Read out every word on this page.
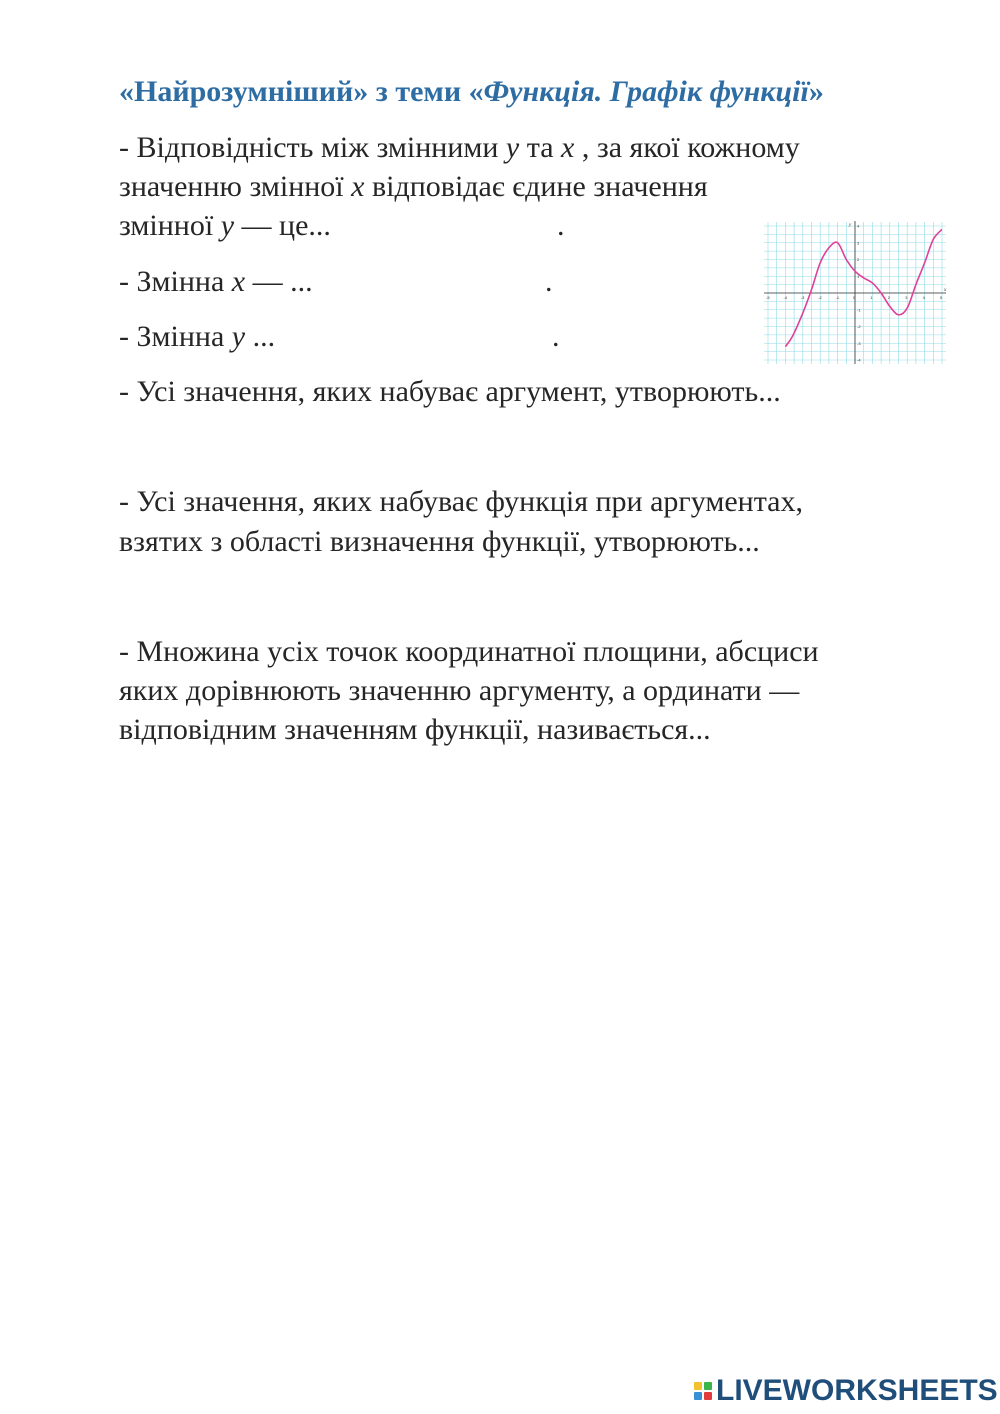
«Найрозумніший» з теми «Функція. Графік функції»
- Відповідність між змінними y та x , за якої кожному
значенню змінної x відповідає єдине значення
змінної y — це...	.
- Змінна x — ...	.
- Змінна y ...	.
- Усі значення, яких набуває аргумент, утворюють...
- Усі значення, яких набуває функція при аргументах,
взятих з області визначення функції, утворюють...
- Множина усіх точок координатної площини, абсциси
яких дорівнюють значенню аргументу, а ординати —
відповідним значенням функції, називається...
x
y
-5	-4	-3	-2	-1	0	1	2	3	4	5
4
3
2
1
-1
-2
-3
-4
LIVEWORKSHEETS
